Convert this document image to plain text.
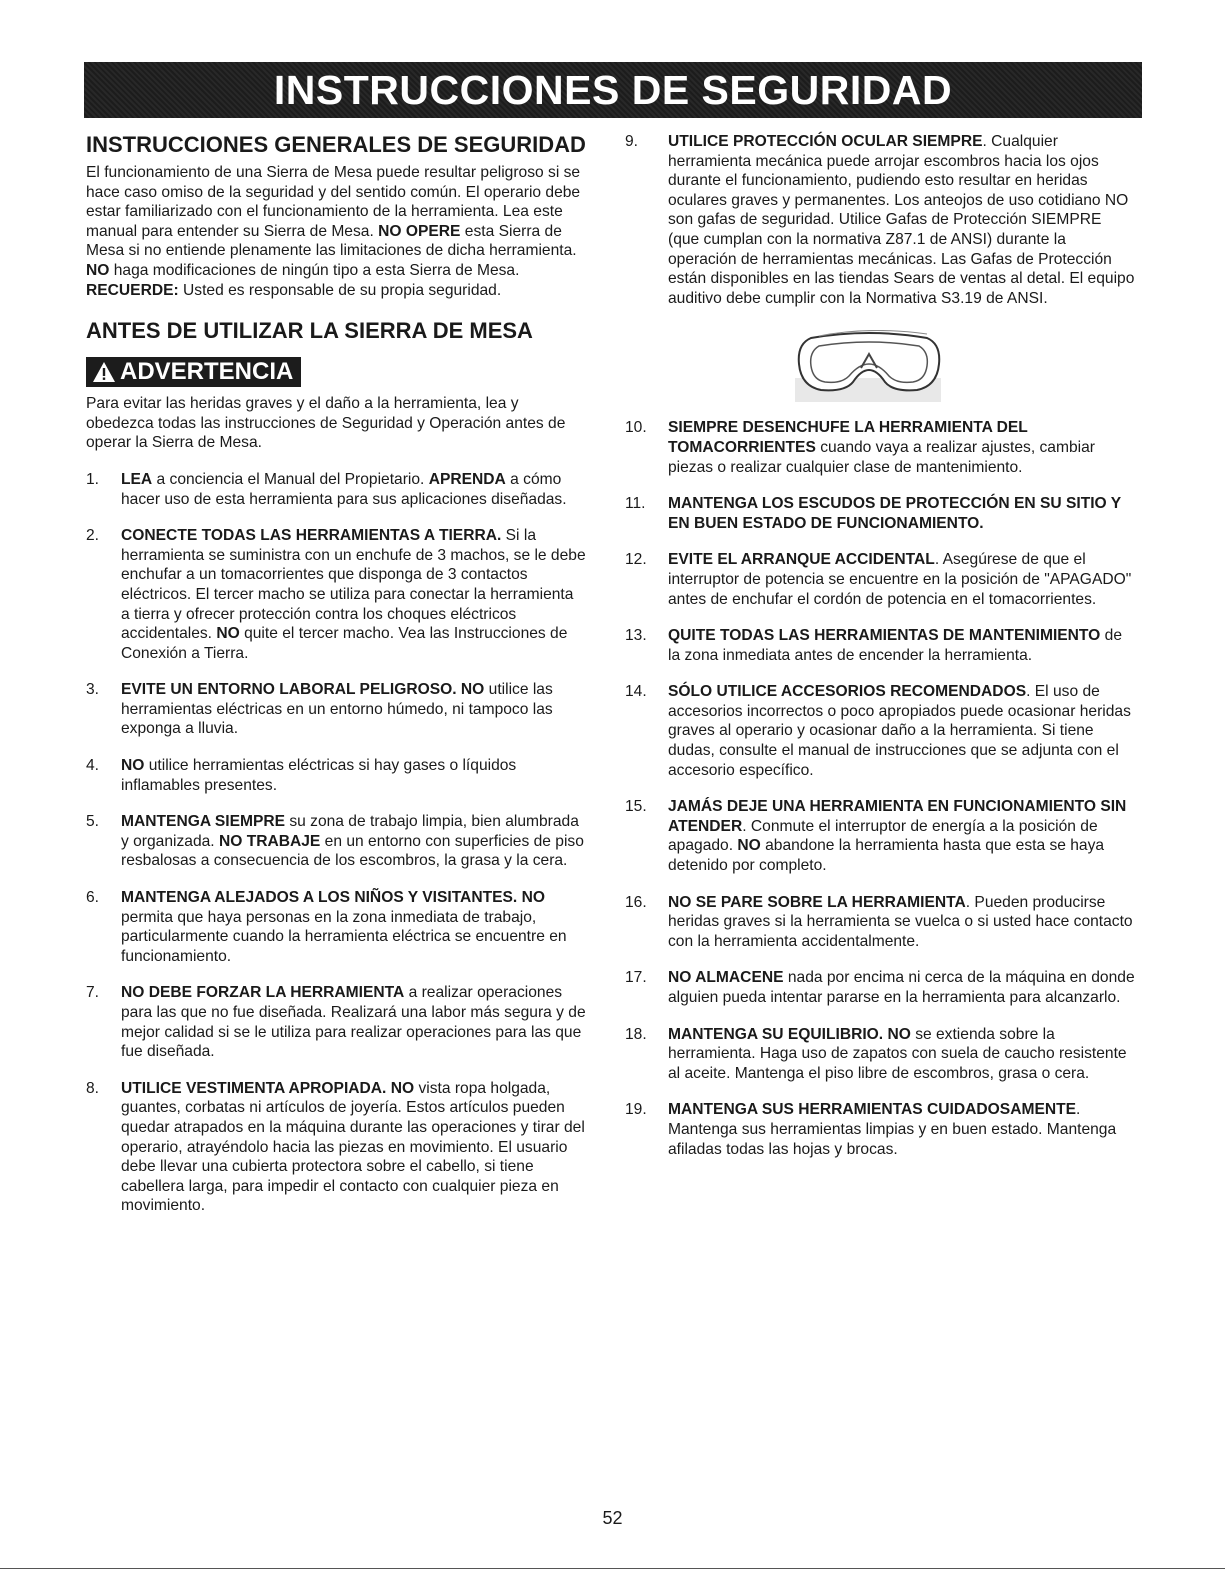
INSTRUCCIONES DE SEGURIDAD
INSTRUCCIONES GENERALES DE SEGURIDAD

El funcionamiento de una Sierra de Mesa puede resultar peligroso si se hace caso omiso de la seguridad y del sentido común. El operario debe estar familiarizado con el funcionamiento de la herramienta. Lea este manual para entender su Sierra de Mesa. NO OPERE esta Sierra de Mesa si no entiende plenamente las limitaciones de dicha herramienta. NO haga modificaciones de ningún tipo a esta Sierra de Mesa. RECUERDE: Usted es responsable de su propia seguridad.

ANTES DE UTILIZAR LA SIERRA DE MESA
ADVERTENCIA

Para evitar las heridas graves y el daño a la herramienta, lea y obedezca todas las instrucciones de Seguridad y Operación antes de operar la Sierra de Mesa.

1.	LEA a conciencia el Manual del Propietario. APRENDA a cómo hacer uso de esta herramienta para sus aplicaciones diseñadas.
2.	CONECTE TODAS LAS HERRAMIENTAS A TIERRA. Si la herramienta se suministra con un enchufe de 3 machos, se le debe enchufar a un tomacorrientes que disponga de 3 contactos eléctricos. El tercer macho se utiliza para conectar la herramienta a tierra y ofrecer protección contra los choques eléctricos accidentales. NO quite el tercer macho. Vea las Instrucciones de Conexión a Tierra.
3.	EVITE UN ENTORNO LABORAL PELIGROSO. NO utilice las herramientas eléctricas en un entorno húmedo, ni tampoco las exponga a lluvia.
4.	NO utilice herramientas eléctricas si hay gases o líquidos inflamables presentes.
5.	MANTENGA SIEMPRE su zona de trabajo limpia, bien alumbrada y organizada. NO TRABAJE en un entorno con superficies de piso resbalosas a consecuencia de los escombros, la grasa y la cera.
6.	MANTENGA ALEJADOS A LOS NIÑOS Y VISITANTES. NO permita que haya personas en la zona inmediata de trabajo, particularmente cuando la herramienta eléctrica se encuentre en funcionamiento.
7.	NO DEBE FORZAR LA HERRAMIENTA a realizar operaciones para las que no fue diseñada. Realizará una labor más segura y de mejor calidad si se le utiliza para realizar operaciones para las que fue diseñada.
8.	UTILICE VESTIMENTA APROPIADA. NO vista ropa holgada, guantes, corbatas ni artículos de joyería. Estos artículos pueden quedar atrapados en la máquina durante las operaciones y tirar del operario, atrayéndolo hacia las piezas en movimiento. El usuario debe llevar una cubierta protectora sobre el cabello, si tiene cabellera larga, para impedir el contacto con cualquier pieza en movimiento.
9.	UTILICE PROTECCIÓN OCULAR SIEMPRE. Cualquier herramienta mecánica puede arrojar escombros hacia los ojos durante el funcionamiento, pudiendo esto resultar en heridas oculares graves y permanentes. Los anteojos de uso cotidiano NO son gafas de seguridad. Utilice Gafas de Protección SIEMPRE (que cumplan con la normativa Z87.1 de ANSI) durante la operación de herramientas mecánicas. Las Gafas de Protección están disponibles en las tiendas Sears de ventas al detal. El equipo auditivo debe cumplir con la Normativa S3.19 de ANSI.
10.	SIEMPRE DESENCHUFE LA HERRAMIENTA DEL TOMACORRIENTES cuando vaya a realizar ajustes, cambiar piezas o realizar cualquier clase de mantenimiento.
11.	MANTENGA LOS ESCUDOS DE PROTECCIÓN EN SU SITIO Y EN BUEN ESTADO DE FUNCIONAMIENTO.
12.	EVITE EL ARRANQUE ACCIDENTAL. Asegúrese de que el interruptor de potencia se encuentre en la posición de "APAGADO" antes de enchufar el cordón de potencia en el tomacorrientes.
13.	QUITE TODAS LAS HERRAMIENTAS DE MANTENIMIENTO de la zona inmediata antes de encender la herramienta.
14.	SÓLO UTILICE ACCESORIOS RECOMENDADOS. El uso de accesorios incorrectos o poco apropiados puede ocasionar heridas graves al operario y ocasionar daño a la herramienta. Si tiene dudas, consulte el manual de instrucciones que se adjunta con el accesorio específico.
15.	JAMÁS DEJE UNA HERRAMIENTA EN FUNCIONAMIENTO SIN ATENDER. Conmute el interruptor de energía a la posición de apagado. NO abandone la herramienta hasta que esta se haya detenido por completo.
16.	NO SE PARE SOBRE LA HERRAMIENTA. Pueden producirse heridas graves si la herramienta se vuelca o si usted hace contacto con la herramienta accidentalmente.
17.	NO ALMACENE nada por encima ni cerca de la máquina en donde alguien pueda intentar pararse en la herramienta para alcanzarlo.
18.	MANTENGA SU EQUILIBRIO. NO se extienda sobre la herramienta. Haga uso de zapatos con suela de caucho resistente al aceite. Mantenga el piso libre de escombros, grasa o cera.
19.	MANTENGA SUS HERRAMIENTAS CUIDADOSAMENTE. Mantenga sus herramientas limpias y en buen estado. Mantenga afiladas todas las hojas y brocas.
52
